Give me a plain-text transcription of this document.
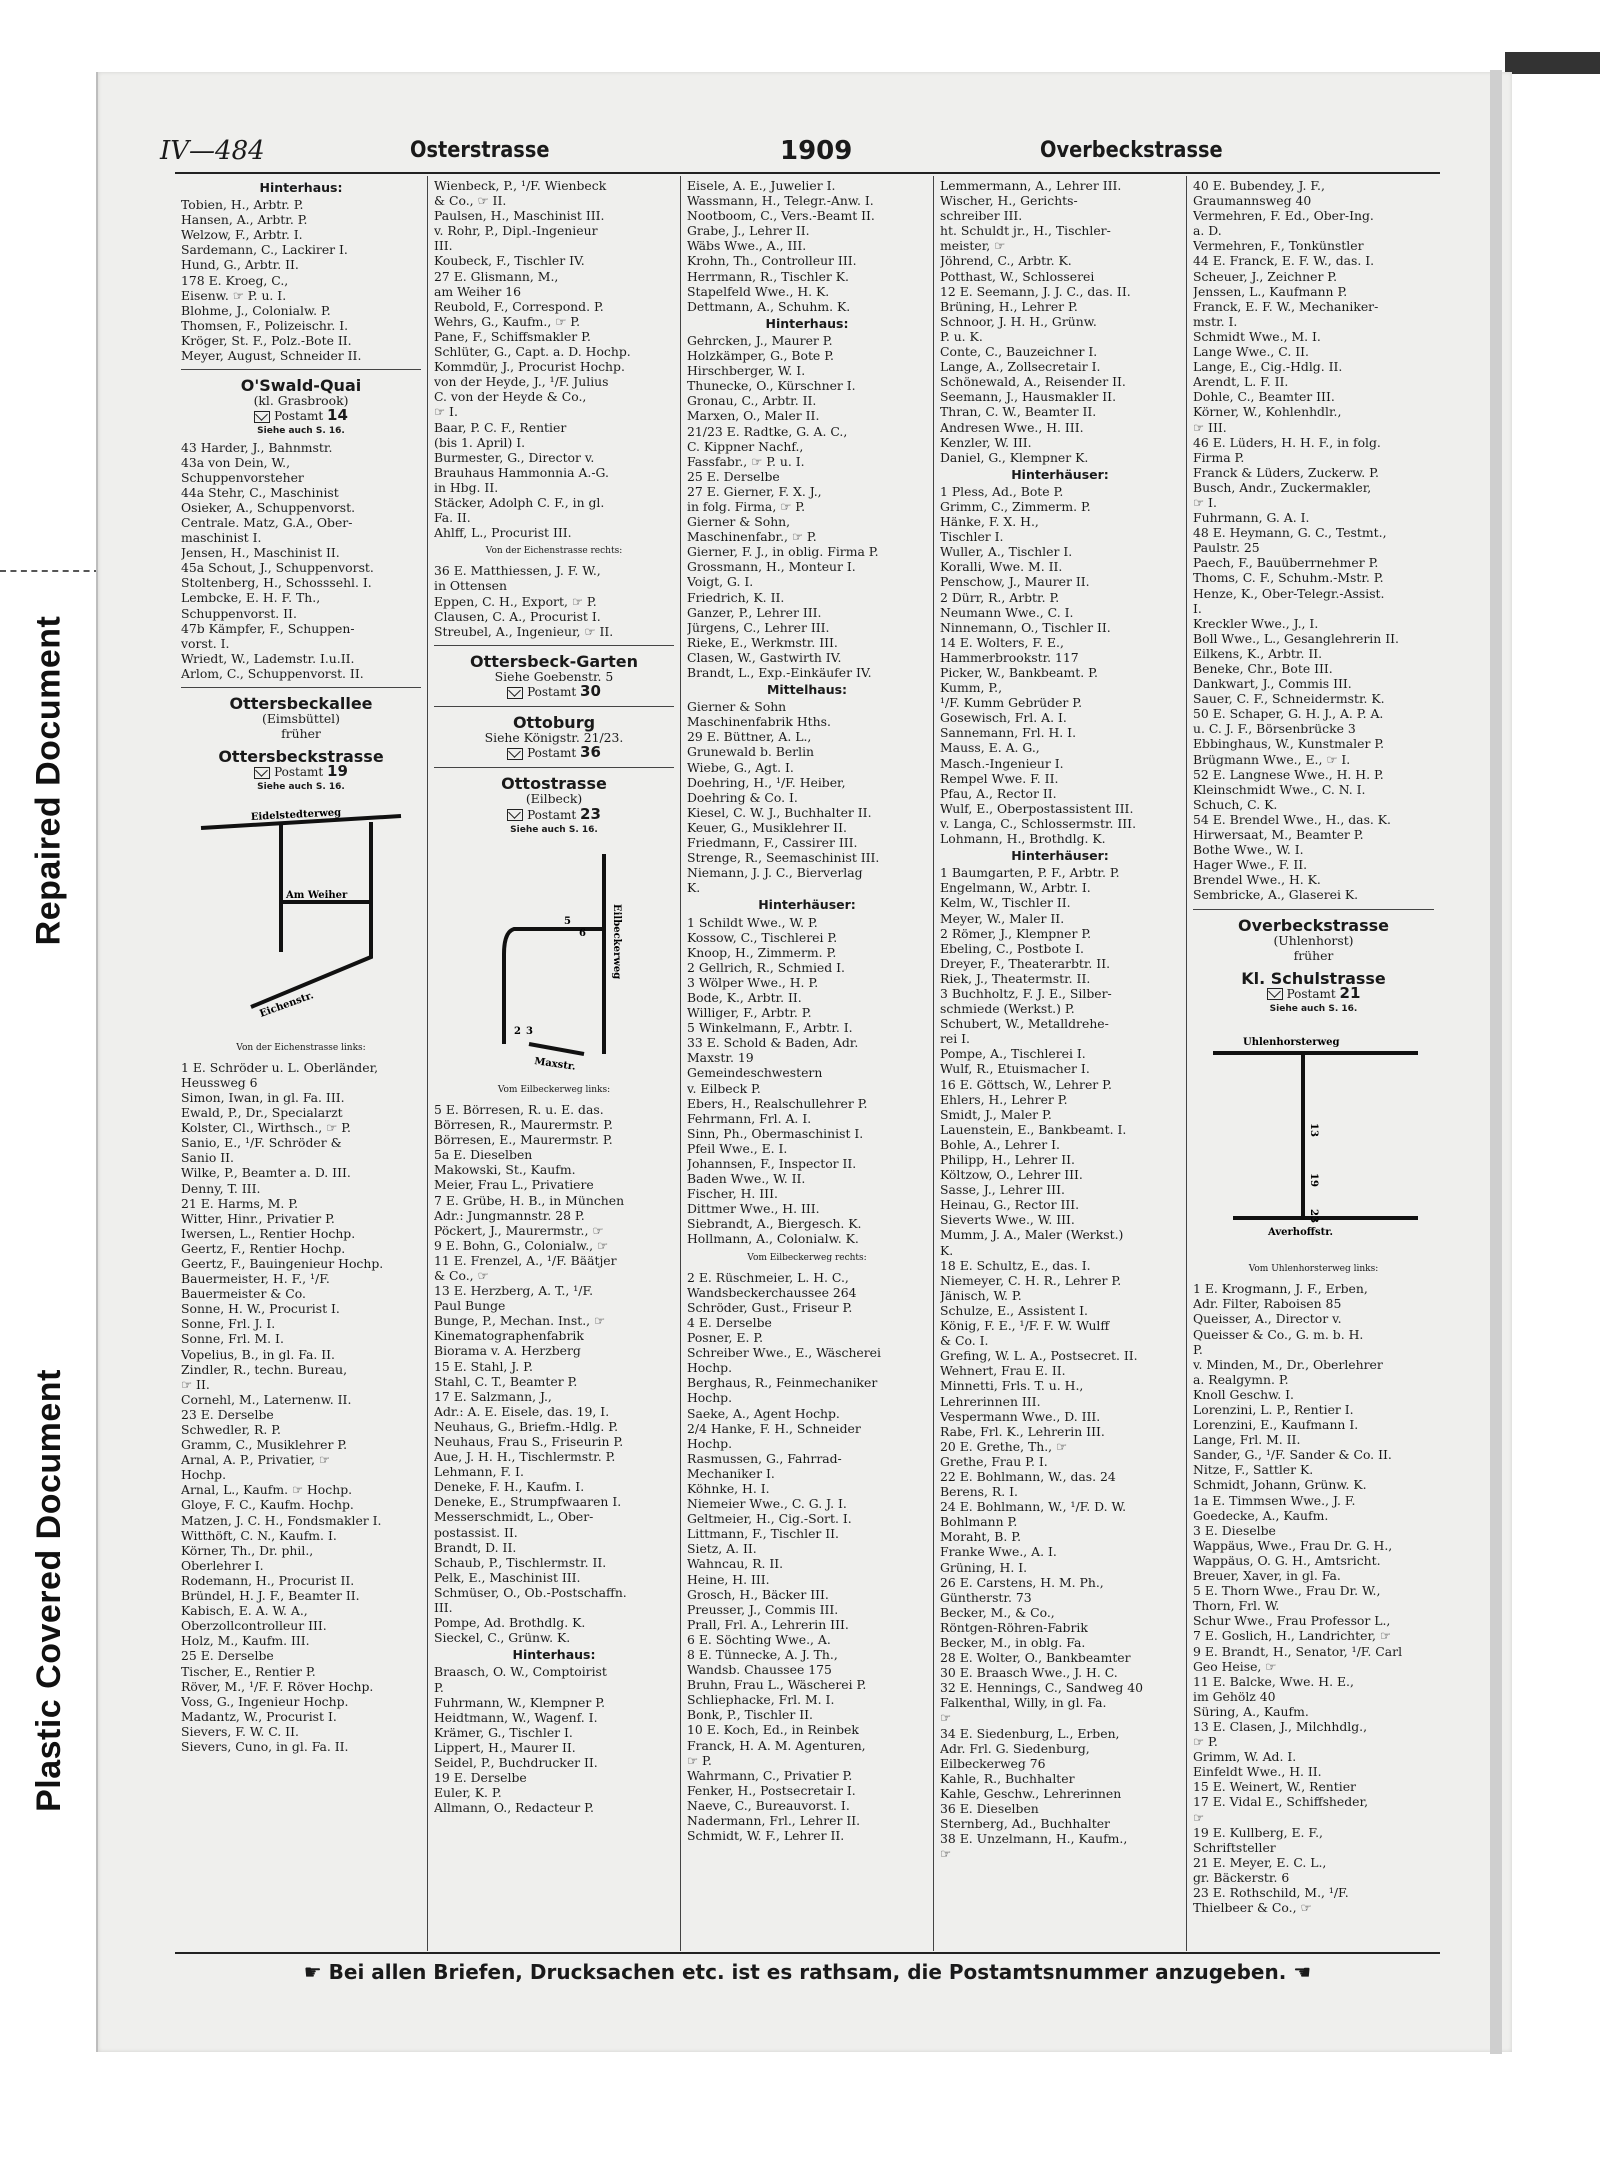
Repaired Document
Plastic Covered Document
IV—484	Osterstrasse	1909	Overbeckstrasse
Hinterhaus:
Tobien, H., Arbtr. P.
Hansen, A., Arbtr. P.
Welzow, F., Arbtr. I.
Sardemann, C., Lackirer I.
Hund, G., Arbtr. II.
178 E. Kroeg, C.,
Eisenw. ☞ P. u. I.
Blohme, J., Colonialw. P.
Thomsen, F., Polizeischr. I.
Kröger, St. F., Polz.-Bote II.
Meyer, August, Schneider II.
O'Swald-Quai
(kl. Grasbrook)
Postamt 14
Siehe auch S. 16.
43 Harder, J., Bahnmstr.
43a von Dein, W.,
Schuppenvorsteher
44a Stehr, C., Maschinist
Osieker, A., Schuppenvorst.
Centrale. Matz, G.A., Ober-
maschinist I.
Jensen, H., Maschinist II.
45a Schout, J., Schuppenvorst.
Stoltenberg, H., Schosssehl. I.
Lembcke, E. H. F. Th.,
Schuppenvorst. II.
47b Kämpfer, F., Schuppen-
vorst. I.
Wriedt, W., Lademstr. I.u.II.
Arlom, C., Schuppenvorst. II.
Ottersbeckallee
(Eimsbüttel)
früher
Ottersbeckstrasse
Postamt 19
Siehe auch S. 16.
Eidelstedterweg
Am Weiher
Eichenstr.
Von der Eichenstrasse links:
1 E. Schröder u. L. Oberländer,
Heussweg 6
Simon, Iwan, in gl. Fa. III.
Ewald, P., Dr., Specialarzt
Kolster, Cl., Wirthsch., ☞ P.
Sanio, E., ¹/F. Schröder &
Sanio II.
Wilke, P., Beamter a. D. III.
Denny, T. III.
21 E. Harms, M. P.
Witter, Hinr., Privatier P.
Iwersen, L., Rentier Hochp.
Geertz, F., Rentier Hochp.
Geertz, F., Bauingenieur Hochp.
Bauermeister, H. F., ¹/F.
Bauermeister & Co.
Sonne, H. W., Procurist I.
Sonne, Frl. J. I.
Sonne, Frl. M. I.
Vopelius, B., in gl. Fa. II.
Zindler, R., techn. Bureau,
☞ II.
Cornehl, M., Laternenw. II.
23 E. Derselbe
Schwedler, R. P.
Gramm, C., Musiklehrer P.
Arnal, A. P., Privatier, ☞
Hochp.
Arnal, L., Kaufm. ☞ Hochp.
Gloye, F. C., Kaufm. Hochp.
Matzen, J. C. H., Fondsmakler I.
Witthöft, C. N., Kaufm. I.
Körner, Th., Dr. phil.,
Oberlehrer I.
Rodemann, H., Procurist II.
Bründel, H. J. F., Beamter II.
Kabisch, E. A. W. A.,
Oberzollcontrolleur III.
Holz, M., Kaufm. III.
25 E. Derselbe
Tischer, E., Rentier P.
Röver, M., ¹/F. F. Röver Hochp.
Voss, G., Ingenieur Hochp.
Madantz, W., Procurist I.
Sievers, F. W. C. II.
Sievers, Cuno, in gl. Fa. II.
Wienbeck, P., ¹/F. Wienbeck
& Co., ☞ II.
Paulsen, H., Maschinist III.
v. Rohr, P., Dipl.-Ingenieur
III.
Koubeck, F., Tischler IV.
27 E. Glismann, M.,
am Weiher 16
Reubold, F., Correspond. P.
Wehrs, G., Kaufm., ☞ P.
Pane, F., Schiffsmakler P.
Schlüter, G., Capt. a. D. Hochp.
Kommdür, J., Procurist Hochp.
von der Heyde, J., ¹/F. Julius
C. von der Heyde & Co.,
☞ I.
Baar, P. C. F., Rentier
(bis 1. April) I.
Burmester, G., Director v.
Brauhaus Hammonnia A.-G.
in Hbg. II.
Stäcker, Adolph C. F., in gl.
Fa. II.
Ahlff, L., Procurist III.
Von der Eichenstrasse rechts:
36 E. Matthiessen, J. F. W.,
in Ottensen
Eppen, C. H., Export, ☞ P.
Clausen, C. A., Procurist I.
Streubel, A., Ingenieur, ☞ II.
Ottersbeck-Garten
Siehe Goebenstr. 5
Postamt 30
Ottoburg
Siehe Königstr. 21/23.
Postamt 36
Ottostrasse
(Eilbeck)
Postamt 23
Siehe auch S. 16.
Eilbeckerweg
Maxstr.
5
6
2 3
Vom Eilbeckerweg links:
5 E. Börresen, R. u. E. das.
Börresen, R., Maurermstr. P.
Börresen, E., Maurermstr. P.
5a E. Dieselben
Makowski, St., Kaufm.
Meier, Frau L., Privatiere
7 E. Grübe, H. B., in München
Adr.: Jungmannstr. 28 P.
Pöckert, J., Maurermstr., ☞
9 E. Bohn, G., Colonialw., ☞
11 E. Frenzel, A., ¹/F. Bäätjer
& Co., ☞
13 E. Herzberg, A. T., ¹/F.
Paul Bunge
Bunge, P., Mechan. Inst., ☞
Kinematographenfabrik
Biorama v. A. Herzberg
15 E. Stahl, J. P.
Stahl, C. T., Beamter P.
17 E. Salzmann, J.,
Adr.: A. E. Eisele, das. 19, I.
Neuhaus, G., Briefm.-Hdlg. P.
Neuhaus, Frau S., Friseurin P.
Aue, J. H. H., Tischlermstr. P.
Lehmann, F. I.
Deneke, F. H., Kaufm. I.
Deneke, E., Strumpfwaaren I.
Messerschmidt, L., Ober-
postassist. II.
Brandt, D. II.
Schaub, P., Tischlermstr. II.
Pelk, E., Maschinist III.
Schmüser, O., Ob.-Postschaffn.
III.
Pompe, Ad. Brothdlg. K.
Sieckel, C., Grünw. K.
Hinterhaus:
Braasch, O. W., Comptoirist
P.
Fuhrmann, W., Klempner P.
Heidtmann, W., Wagenf. I.
Krämer, G., Tischler I.
Lippert, H., Maurer II.
Seidel, P., Buchdrucker II.
19 E. Derselbe
Euler, K. P.
Allmann, O., Redacteur P.
Eisele, A. E., Juwelier I.
Wassmann, H., Telegr.-Anw. I.
Nootboom, C., Vers.-Beamt II.
Grabe, J., Lehrer II.
Wäbs Wwe., A., III.
Krohn, Th., Controlleur III.
Herrmann, R., Tischler K.
Stapelfeld Wwe., H. K.
Dettmann, A., Schuhm. K.
Hinterhaus:
Gehrcken, J., Maurer P.
Holzkämper, G., Bote P.
Hirschberger, W. I.
Thunecke, O., Kürschner I.
Gronau, C., Arbtr. II.
Marxen, O., Maler II.
21/23 E. Radtke, G. A. C.,
C. Kippner Nachf.,
Fassfabr., ☞ P. u. I.
25 E. Derselbe
27 E. Gierner, F. X. J.,
in folg. Firma, ☞ P.
Gierner & Sohn,
Maschinenfabr., ☞ P.
Gierner, F. J., in oblig. Firma P.
Grossmann, H., Monteur I.
Voigt, G. I.
Friedrich, K. II.
Ganzer, P., Lehrer III.
Jürgens, C., Lehrer III.
Rieke, E., Werkmstr. III.
Clasen, W., Gastwirth IV.
Brandt, L., Exp.-Einkäufer IV.
Mittelhaus:
Gierner & Sohn
Maschinenfabrik Hths.
29 E. Büttner, A. L.,
Grunewald b. Berlin
Wiebe, G., Agt. I.
Doehring, H., ¹/F. Heiber,
Doehring & Co. I.
Kiesel, C. W. J., Buchhalter II.
Keuer, G., Musiklehrer II.
Friedmann, F., Cassirer III.
Strenge, R., Seemaschinist III.
Niemann, J. J. C., Bierverlag
K.
Hinterhäuser:
1 Schildt Wwe., W. P.
Kossow, C., Tischlerei P.
Knoop, H., Zimmerm. P.
2 Gellrich, R., Schmied I.
3 Wölper Wwe., H. P.
Bode, K., Arbtr. II.
Williger, F., Arbtr. P.
5 Winkelmann, F., Arbtr. I.
33 E. Schold & Baden, Adr.
Maxstr. 19
Gemeindeschwestern
v. Eilbeck P.
Ebers, H., Realschullehrer P.
Fehrmann, Frl. A. I.
Sinn, Ph., Obermaschinist I.
Pfeil Wwe., E. I.
Johannsen, F., Inspector II.
Baden Wwe., W. II.
Fischer, H. III.
Dittmer Wwe., H. III.
Siebrandt, A., Biergesch. K.
Hollmann, A., Colonialw. K.
Vom Eilbeckerweg rechts:
2 E. Rüschmeier, L. H. C.,
Wandsbeckerchaussee 264
Schröder, Gust., Friseur P.
4 E. Derselbe
Posner, E. P.
Schreiber Wwe., E., Wäscherei
Hochp.
Berghaus, R., Feinmechaniker
Hochp.
Saeke, A., Agent Hochp.
2/4 Hanke, F. H., Schneider
Hochp.
Rasmussen, G., Fahrrad-
Mechaniker I.
Köhnke, H. I.
Niemeier Wwe., C. G. J. I.
Geltmeier, H., Cig.-Sort. I.
Littmann, F., Tischler II.
Sietz, A. II.
Wahncau, R. II.
Heine, H. III.
Grosch, H., Bäcker III.
Preusser, J., Commis III.
Prall, Frl. A., Lehrerin III.
6 E. Söchting Wwe., A.
8 E. Tünnecke, A. J. Th.,
Wandsb. Chaussee 175
Bruhn, Frau L., Wäscherei P.
Schliephacke, Frl. M. I.
Bonk, P., Tischler II.
10 E. Koch, Ed., in Reinbek
Franck, H. A. M. Agenturen,
☞ P.
Wahrmann, C., Privatier P.
Fenker, H., Postsecretair I.
Naeve, C., Bureauvorst. I.
Nadermann, Frl., Lehrer II.
Schmidt, W. F., Lehrer II.
Lemmermann, A., Lehrer III.
Wischer, H., Gerichts-
schreiber III.
ht. Schuldt jr., H., Tischler-
meister, ☞
Jöhrend, C., Arbtr. K.
Potthast, W., Schlosserei
12 E. Seemann, J. J. C., das. II.
Brüning, H., Lehrer P.
Schnoor, J. H. H., Grünw.
P. u. K.
Conte, C., Bauzeichner I.
Lange, A., Zollsecretair I.
Schönewald, A., Reisender II.
Seemann, J., Hausmakler II.
Thran, C. W., Beamter II.
Andresen Wwe., H. III.
Kenzler, W. III.
Daniel, G., Klempner K.
Hinterhäuser:
1 Pless, Ad., Bote P.
Grimm, C., Zimmerm. P.
Hänke, F. X. H.,
Tischler I.
Wuller, A., Tischler I.
Koralli, Wwe. M. II.
Penschow, J., Maurer II.
2 Dürr, R., Arbtr. P.
Neumann Wwe., C. I.
Ninnemann, O., Tischler II.
14 E. Wolters, F. E.,
Hammerbrookstr. 117
Picker, W., Bankbeamt. P.
Kumm, P.,
¹/F. Kumm Gebrüder P.
Gosewisch, Frl. A. I.
Sannemann, Frl. H. I.
Mauss, E. A. G.,
Masch.-Ingenieur I.
Rempel Wwe. F. II.
Pfau, A., Rector II.
Wulf, E., Oberpostassistent III.
v. Langa, C., Schlossermstr. III.
Lohmann, H., Brothdlg. K.
Hinterhäuser:
1 Baumgarten, P. F., Arbtr. P.
Engelmann, W., Arbtr. I.
Kelm, W., Tischler II.
Meyer, W., Maler II.
2 Römer, J., Klempner P.
Ebeling, C., Postbote I.
Dreyer, F., Theaterarbtr. II.
Riek, J., Theatermstr. II.
3 Buchholtz, F. J. E., Silber-
schmiede (Werkst.) P.
Schubert, W., Metalldrehe-
rei I.
Pompe, A., Tischlerei I.
Wulf, R., Etuismacher I.
16 E. Göttsch, W., Lehrer P.
Ehlers, H., Lehrer P.
Smidt, J., Maler P.
Lauenstein, E., Bankbeamt. I.
Bohle, A., Lehrer I.
Philipp, H., Lehrer II.
Költzow, O., Lehrer III.
Sasse, J., Lehrer III.
Heinau, G., Rector III.
Sieverts Wwe., W. III.
Mumm, J. A., Maler (Werkst.)
K.
18 E. Schultz, E., das. I.
Niemeyer, C. H. R., Lehrer P.
Jänisch, W. P.
Schulze, E., Assistent I.
König, F. E., ¹/F. F. W. Wulff
& Co. I.
Grefing, W. L. A., Postsecret. II.
Wehnert, Frau E. II.
Minnetti, Frls. T. u. H.,
Lehrerinnen III.
Vespermann Wwe., D. III.
Rabe, Frl. K., Lehrerin III.
20 E. Grethe, Th., ☞
Grethe, Frau P. I.
22 E. Bohlmann, W., das. 24
Berens, R. I.
24 E. Bohlmann, W., ¹/F. D. W.
Bohlmann P.
Moraht, B. P.
Franke Wwe., A. I.
Grüning, H. I.
26 E. Carstens, H. M. Ph.,
Güntherstr. 73
Becker, M., & Co.,
Röntgen-Röhren-Fabrik
Becker, M., in oblg. Fa.
28 E. Wolter, O., Bankbeamter
30 E. Braasch Wwe., J. H. C.
32 E. Hennings, C., Sandweg 40
Falkenthal, Willy, in gl. Fa.
☞
34 E. Siedenburg, L., Erben,
Adr. Frl. G. Siedenburg,
Eilbeckerweg 76
Kahle, R., Buchhalter
Kahle, Geschw., Lehrerinnen
36 E. Dieselben
Sternberg, Ad., Buchhalter
38 E. Unzelmann, H., Kaufm.,
☞
40 E. Bubendey, J. F.,
Graumannsweg 40
Vermehren, F. Ed., Ober-Ing.
a. D.
Vermehren, F., Tonkünstler
44 E. Franck, E. F. W., das. I.
Scheuer, J., Zeichner P.
Jenssen, L., Kaufmann P.
Franck, E. F. W., Mechaniker-
mstr. I.
Schmidt Wwe., M. I.
Lange Wwe., C. II.
Lange, E., Cig.-Hdlg. II.
Arendt, L. F. II.
Dohle, C., Beamter III.
Körner, W., Kohlenhdlr.,
☞ III.
46 E. Lüders, H. H. F., in folg.
Firma P.
Franck & Lüders, Zuckerw. P.
Busch, Andr., Zuckermakler,
☞ I.
Fuhrmann, G. A. I.
48 E. Heymann, G. C., Testmt.,
Paulstr. 25
Paech, F., Bauüberrnehmer P.
Thoms, C. F., Schuhm.-Mstr. P.
Henze, K., Ober-Telegr.-Assist.
I.
Kreckler Wwe., J., I.
Boll Wwe., L., Gesanglehrerin II.
Eilkens, K., Arbtr. II.
Beneke, Chr., Bote III.
Dankwart, J., Commis III.
Sauer, C. F., Schneidermstr. K.
50 E. Schaper, G. H. J., A. P. A.
u. C. J. F., Börsenbrücke 3
Ebbinghaus, W., Kunstmaler P.
Brügmann Wwe., E., ☞ I.
52 E. Langnese Wwe., H. H. P.
Kleinschmidt Wwe., C. N. I.
Schuch, C. K.
54 E. Brendel Wwe., H., das. K.
Hirwersaat, M., Beamter P.
Bothe Wwe., W. I.
Hager Wwe., F. II.
Brendel Wwe., H. K.
Sembricke, A., Glaserei K.
Overbeckstrasse
(Uhlenhorst)
früher
Kl. Schulstrasse
Postamt 21
Siehe auch S. 16.
Uhlenhorsterweg
Averhoffstr.
13
19
23
Vom Uhlenhorsterweg links:
1 E. Krogmann, J. F., Erben,
Adr. Filter, Raboisen 85
Queisser, A., Director v.
Queisser & Co., G. m. b. H.
P.
v. Minden, M., Dr., Oberlehrer
a. Realgymn. P.
Knoll Geschw. I.
Lorenzini, L. P., Rentier I.
Lorenzini, E., Kaufmann I.
Lange, Frl. M. II.
Sander, G., ¹/F. Sander & Co. II.
Nitze, F., Sattler K.
Schmidt, Johann, Grünw. K.
1a E. Timmsen Wwe., J. F.
Goedecke, A., Kaufm.
3 E. Dieselbe
Wappäus, Wwe., Frau Dr. G. H.,
Wappäus, O. G. H., Amtsricht.
Breuer, Xaver, in gl. Fa.
5 E. Thorn Wwe., Frau Dr. W.,
Thorn, Frl. W.
Schur Wwe., Frau Professor L.,
7 E. Goslich, H., Landrichter, ☞
9 E. Brandt, H., Senator, ¹/F. Carl
Geo Heise, ☞
11 E. Balcke, Wwe. H. E.,
im Gehölz 40
Süring, A., Kaufm.
13 E. Clasen, J., Milchhdlg.,
☞ P.
Grimm, W. Ad. I.
Einfeldt Wwe., H. II.
15 E. Weinert, W., Rentier
17 E. Vidal E., Schiffsheder,
☞
19 E. Kullberg, E. F.,
Schriftsteller
21 E. Meyer, E. C. L.,
gr. Bäckerstr. 6
23 E. Rothschild, M., ¹/F.
Thielbeer & Co., ☞
☛ Bei allen Briefen, Drucksachen etc. ist es rathsam, die Postamtsnummer anzugeben. ☚
